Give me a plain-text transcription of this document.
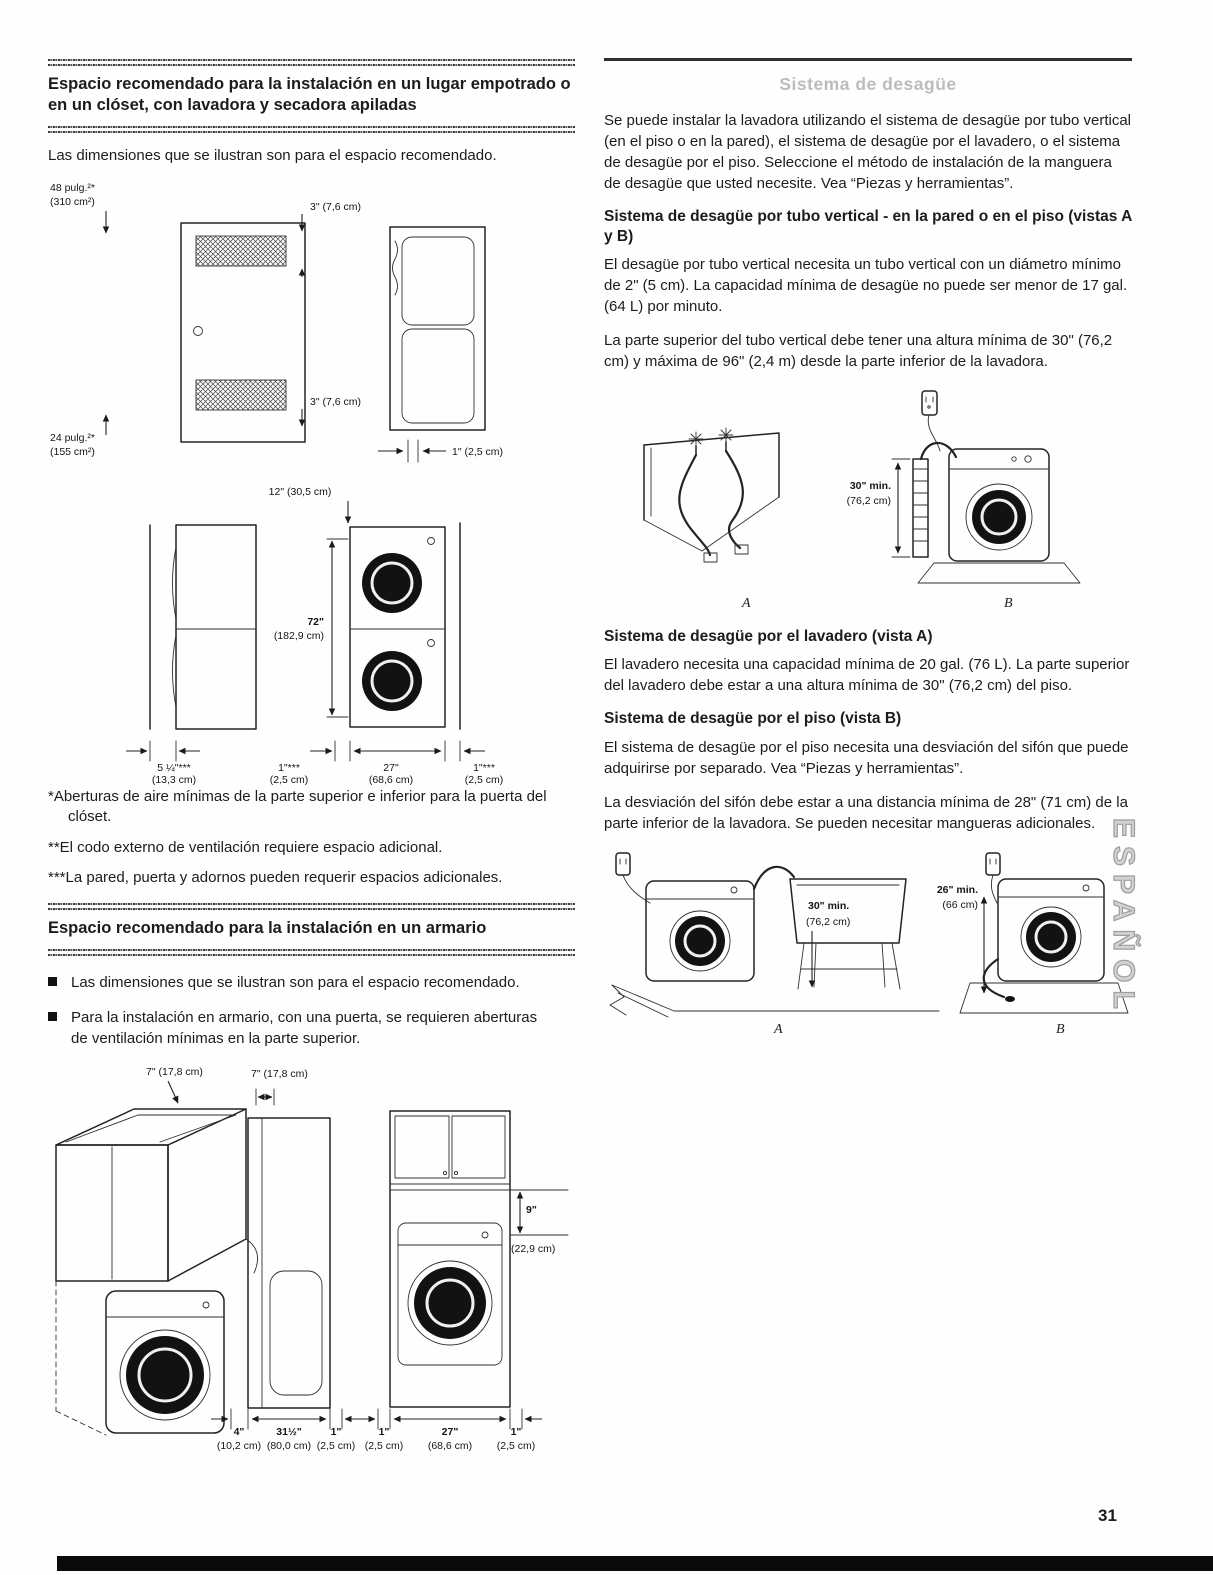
Espacio recomendado para la instalación en un lugar empotrado o en un clóset, con lavadora y secadora apiladas

Las dimensiones que se ilustran son para el espacio recomendado.

48 pulg.²*
(310 cm²)	3" (7,6 cm)
3" (7,6 cm)
24 pulg.²*
(155 cm²)	1" (2,5 cm)
12" (30,5 cm)
72"
(182,9 cm)
5 ¼"***
(13,3 cm)
1"***
(2,5 cm)
27"
(68,6 cm)
1"***
(2,5 cm)

*Aberturas de aire mínimas de la parte superior e inferior para la puerta del clóset.

**El codo externo de ventilación requiere espacio adicional.

***La pared, puerta y adornos pueden requerir espacios adicionales.

Espacio recomendado para la instalación en un armario

Las dimensiones que se ilustran son para el espacio recomendado.

Para la instalación en armario, con una puerta, se requieren aberturas de ventilación mínimas en la parte superior.

7" (17,8 cm)	7" (17,8 cm)
9"
(22,9 cm)
4"
(10,2 cm)
31½"
(80,0 cm)
1"
(2,5 cm)
1"
(2,5 cm)
27"
(68,6 cm)
1"
(2,5 cm)
Sistema de desagüe

Se puede instalar la lavadora utilizando el sistema de desagüe por tubo vertical (en el piso o en la pared), el sistema de desagüe por el lavadero, o el sistema de desagüe por el piso. Seleccione el método de instalación de la manguera de desagüe que usted necesite. Vea “Piezas y herramientas”.

Sistema de desagüe por tubo vertical - en la pared o en el piso (vistas A y B)

El desagüe por tubo vertical necesita un tubo vertical con un diámetro mínimo de 2" (5 cm). La capacidad mínima de desagüe no puede ser menor de 17 gal. (64 L) por minuto.

La parte superior del tubo vertical debe tener una altura mínima de 30" (76,2 cm) y máxima de 96" (2,4 m) desde la parte inferior de la lavadora.

A
30" min.
(76,2 cm)
B
Sistema de desagüe por el lavadero (vista A)

El lavadero necesita una capacidad mínima de 20 gal. (76 L). La parte superior del lavadero debe estar a una altura mínima de 30" (76,2 cm) del piso.

Sistema de desagüe por el piso (vista B)

El sistema de desagüe por el piso necesita una desviación del sifón que puede adquirirse por separado. Vea “Piezas y herramientas”.

La desviación del sifón debe estar a una distancia mínima de 28" (71 cm) de la parte inferior de la lavadora. Se pueden necesitar mangueras adicionales.

30" min.
(76,2 cm)
A
26" min.
(66 cm)
B
ESPAÑOL
31
